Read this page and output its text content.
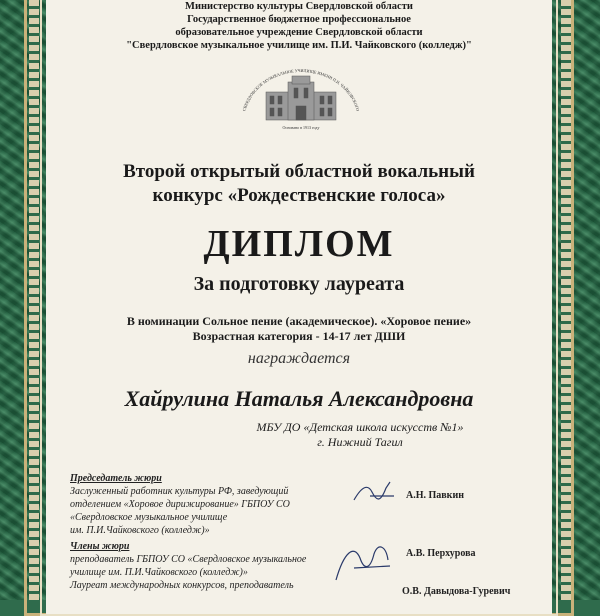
Министерство культуры Свердловской области
Государственное бюджетное профессиональное
образовательное учреждение Свердловской области
"Свердловское музыкальное училище им. П.И. Чайковского (колледж)"
СВЕРДЛОВСКОЕ МУЗЫКАЛЬНОЕ УЧИЛИЩЕ ИМЕНИ П.И. ЧАЙКОВСКОГО
Основано в 1913 году
Второй открытый областной вокальный
конкурс «Рождественские голоса»
ДИПЛОМ
За подготовку лауреата
В номинации Сольное пение (академическое). «Хоровое пение»
Возрастная категория - 14-17 лет ДШИ
награждается
Хайрулина Наталья Александровна
МБУ ДО «Детская школа искусств №1»
г. Нижний Тагил
Председатель жюри
Заслуженный работник культуры РФ, заведующий
отделением «Хоровое дирижирование» ГБПОУ СО
«Свердловское музыкальное училище
им. П.И.Чайковского (колледж)»
Члены жюри
преподаватель ГБПОУ СО «Свердловское музыкальное
училище им. П.И.Чайковского (колледж)»
Лауреат международных конкурсов, преподаватель
А.Н. Павкин
А.В. Перхурова
О.В. Давыдова-Гуревич
